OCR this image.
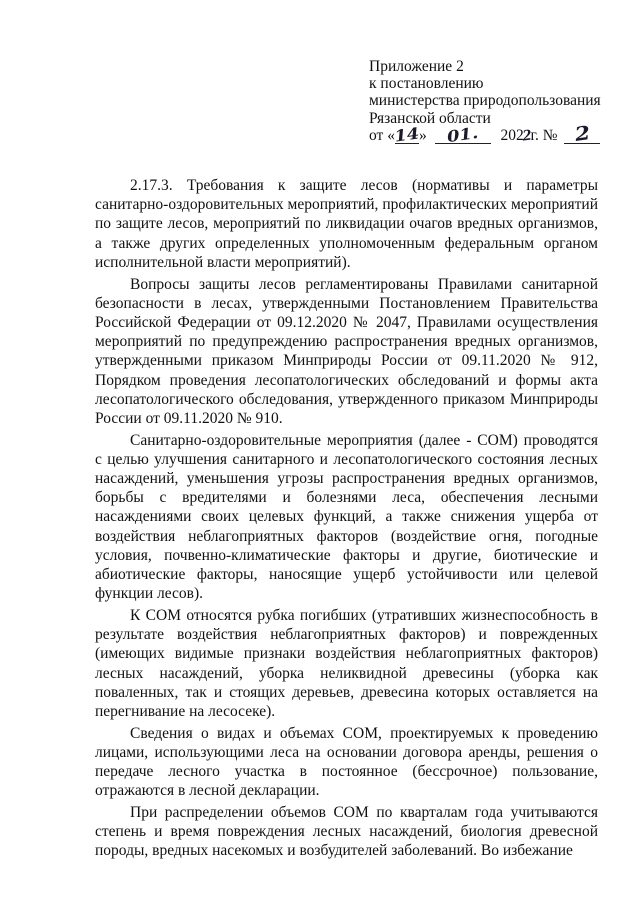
Приложение 2
к постановлению
министерства природопользования
Рязанской области
от «14» 01. 2022г. № 2

2.17.3. Требования к защите лесов (нормативы и параметры санитарно-оздоровительных мероприятий, профилактических мероприятий по защите лесов, мероприятий по ликвидации очагов вредных организмов, а также других определенных уполномоченным федеральным органом исполнительной власти мероприятий).

Вопросы защиты лесов регламентированы Правилами санитарной безопасности в лесах, утвержденными Постановлением Правительства Российской Федерации от 09.12.2020 № 2047, Правилами осуществления мероприятий по предупреждению распространения вредных организмов, утвержденными приказом Минприроды России от 09.11.2020 № 912, Порядком проведения лесопатологических обследований и формы акта лесопатологического обследования, утвержденного приказом Минприроды России от 09.11.2020 № 910.

Санитарно-оздоровительные мероприятия (далее - СОМ) проводятся с целью улучшения санитарного и лесопатологического состояния лесных насаждений, уменьшения угрозы распространения вредных организмов, борьбы с вредителями и болезнями леса, обеспечения лесными насаждениями своих целевых функций, а также снижения ущерба от воздействия неблагоприятных факторов (воздействие огня, погодные условия, почвенно-климатические факторы и другие, биотические и абиотические факторы, наносящие ущерб устойчивости или целевой функции лесов).

К СОМ относятся рубка погибших (утративших жизнеспособность в результате воздействия неблагоприятных факторов) и поврежденных (имеющих видимые признаки воздействия неблагоприятных факторов) лесных насаждений, уборка неликвидной древесины (уборка как поваленных, так и стоящих деревьев, древесина которых оставляется на перегнивание на лесосеке).

Сведения о видах и объемах СОМ, проектируемых к проведению лицами, использующими леса на основании договора аренды, решения о передаче лесного участка в постоянное (бессрочное) пользование, отражаются в лесной декларации.

При распределении объемов СОМ по кварталам года учитываются степень и время повреждения лесных насаждений, биология древесной породы, вредных насекомых и возбудителей заболеваний. Во избежание
